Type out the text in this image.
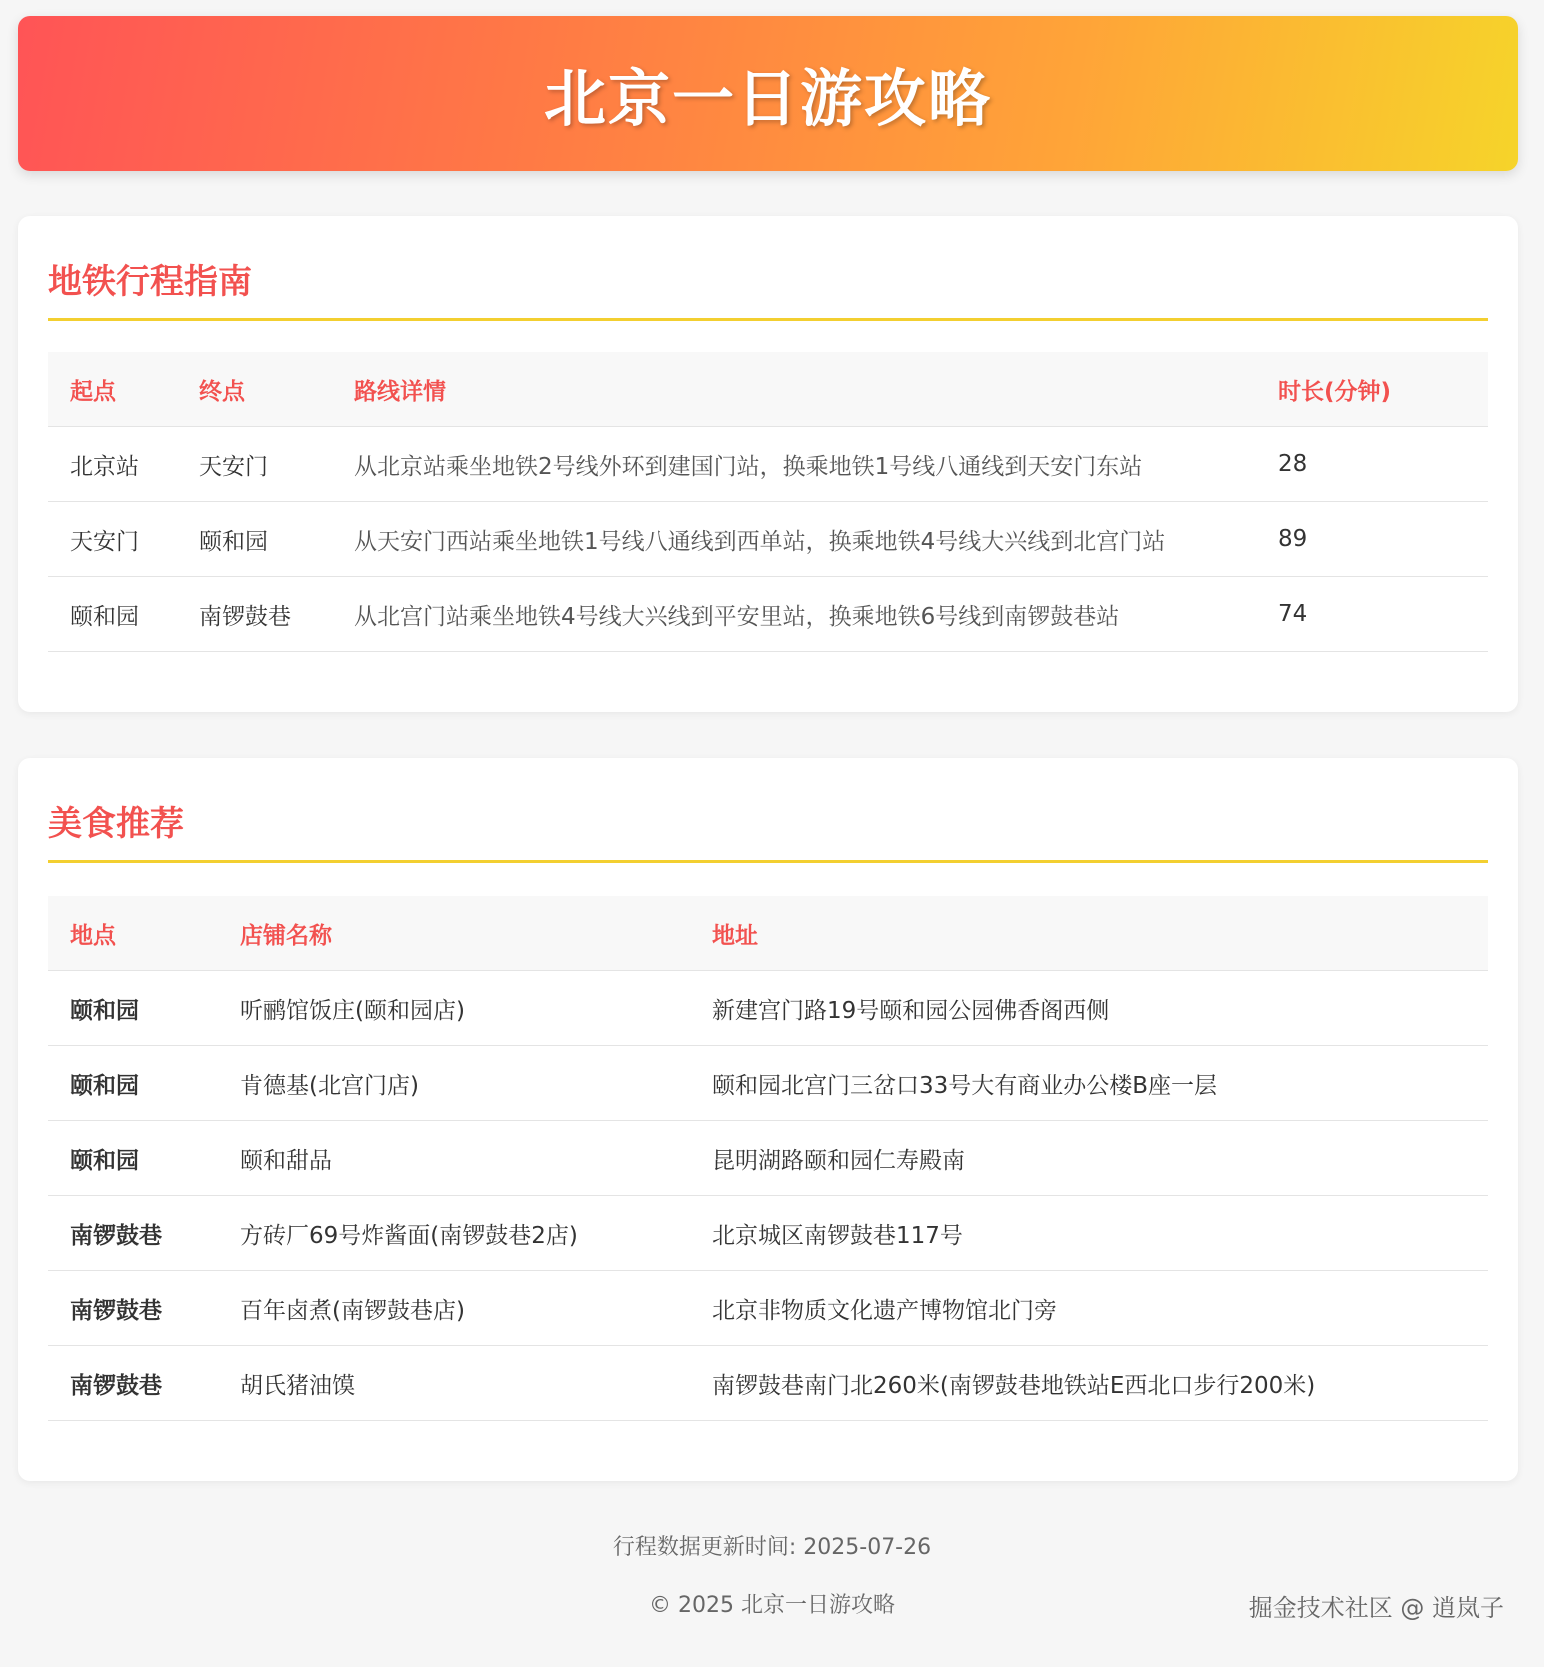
北京一日游攻略
地铁行程指南
起点	终点	路线详情	时长(分钟)
北京站	天安门	从北京站乘坐地铁2号线外环到建国门站，换乘地铁1号线八通线到天安门东站	28
天安门	颐和园	从天安门西站乘坐地铁1号线八通线到西单站，换乘地铁4号线大兴线到北宫门站	89
颐和园	南锣鼓巷	从北宫门站乘坐地铁4号线大兴线到平安里站，换乘地铁6号线到南锣鼓巷站	74
美食推荐
地点	店铺名称	地址
颐和园	听鹂馆饭庄(颐和园店)	新建宫门路19号颐和园公园佛香阁西侧
颐和园	肯德基(北宫门店)	颐和园北宫门三岔口33号大有商业办公楼B座一层
颐和园	颐和甜品	昆明湖路颐和园仁寿殿南
南锣鼓巷	方砖厂69号炸酱面(南锣鼓巷2店)	北京城区南锣鼓巷117号
南锣鼓巷	百年卤煮(南锣鼓巷店)	北京非物质文化遗产博物馆北门旁
南锣鼓巷	胡氏猪油馍	南锣鼓巷南门北260米(南锣鼓巷地铁站E西北口步行200米)
行程数据更新时间: 2025-07-26
© 2025 北京一日游攻略	掘金技术社区 @ 逍岚子
